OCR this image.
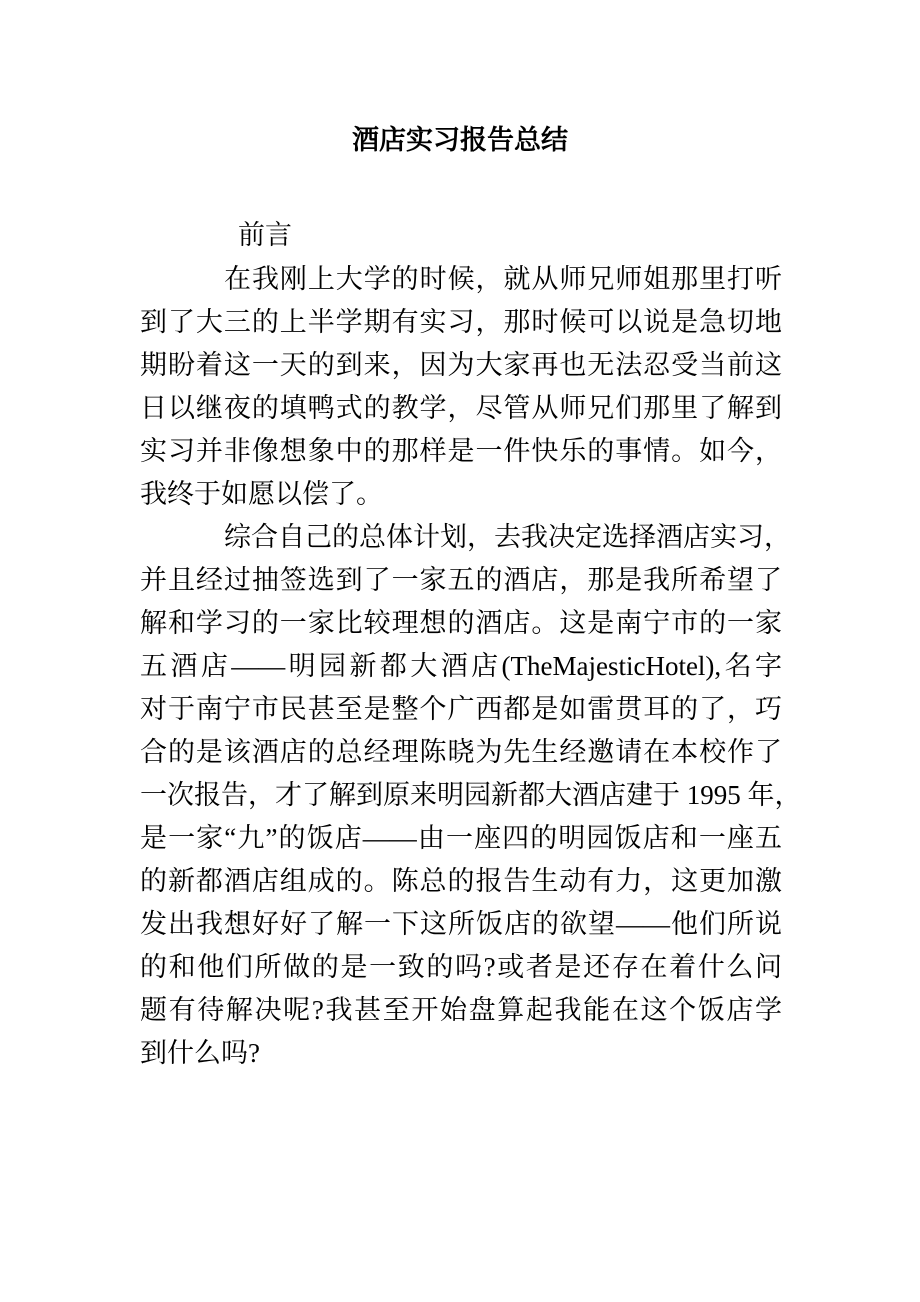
酒店实习报告总结
前言
在我刚上大学的时候，就从师兄师姐那里打听
到了大三的上半学期有实习，那时候可以说是急切地
期盼着这一天的到来，因为大家再也无法忍受当前这
日以继夜的填鸭式的教学，尽管从师兄们那里了解到
实习并非像想象中的那样是一件快乐的事情。如今，
我终于如愿以偿了。
综合自己的总体计划，去我决定选择酒店实习，
并且经过抽签选到了一家五的酒店，那是我所希望了
解和学习的一家比较理想的酒店。这是南宁市的一家
五酒店——明园新都大酒店(TheMajesticHotel),名字
对于南宁市民甚至是整个广西都是如雷贯耳的了，巧
合的是该酒店的总经理陈晓为先生经邀请在本校作了
一次报告，才了解到原来明园新都大酒店建于 1995 年，
是一家“九”的饭店——由一座四的明园饭店和一座五
的新都酒店组成的。陈总的报告生动有力，这更加激
发出我想好好了解一下这所饭店的欲望——他们所说
的和他们所做的是一致的吗?或者是还存在着什么问
题有待解决呢?我甚至开始盘算起我能在这个饭店学
到什么吗?
